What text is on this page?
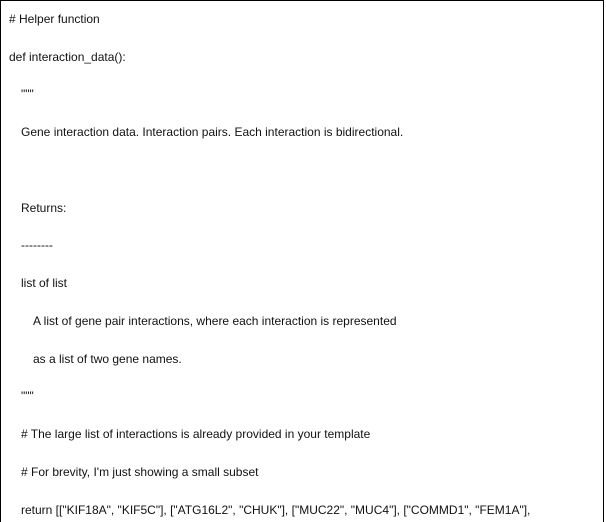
# Helper function
def interaction_data():
"""
Gene interaction data. Interaction pairs. Each interaction is bidirectional.
Returns:
--------
list of list
A list of gene pair interactions, where each interaction is represented
as a list of two gene names.
"""
# The large list of interactions is already provided in your template
# For brevity, I'm just showing a small subset
return [["KIF18A", "KIF5C"], ["ATG16L2", "CHUK"], ["MUC22", "MUC4"], ["COMMD1", "FEM1A"],
